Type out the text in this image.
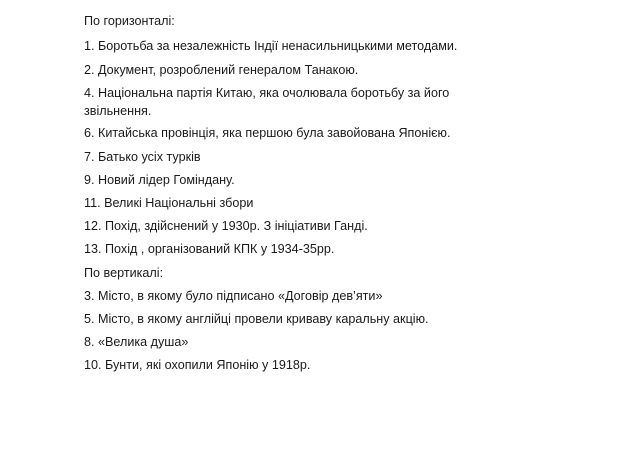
По горизонталі:
1. Боротьба за незалежність Індії ненасильницькими методами.
2. Документ, розроблений генералом Танакою.
4. Національна партія Китаю, яка очолювала боротьбу за його звільнення.
6. Китайська провінція, яка першою була завойована Японією.
7. Батько усіх турків
9. Новий лідер Гоміндану.
11. Великі Національні збори
12. Похід, здійснений у 1930р. З ініціативи Ганді.
13. Похід , організований КПК у 1934-35рр.
По вертикалі:
3. Місто, в якому було підписано «Договір дев’яти»
5. Місто, в якому англійці провели криваву каральну акцію.
8. «Велика душа»
10. Бунти, які охопили Японію у 1918р.
